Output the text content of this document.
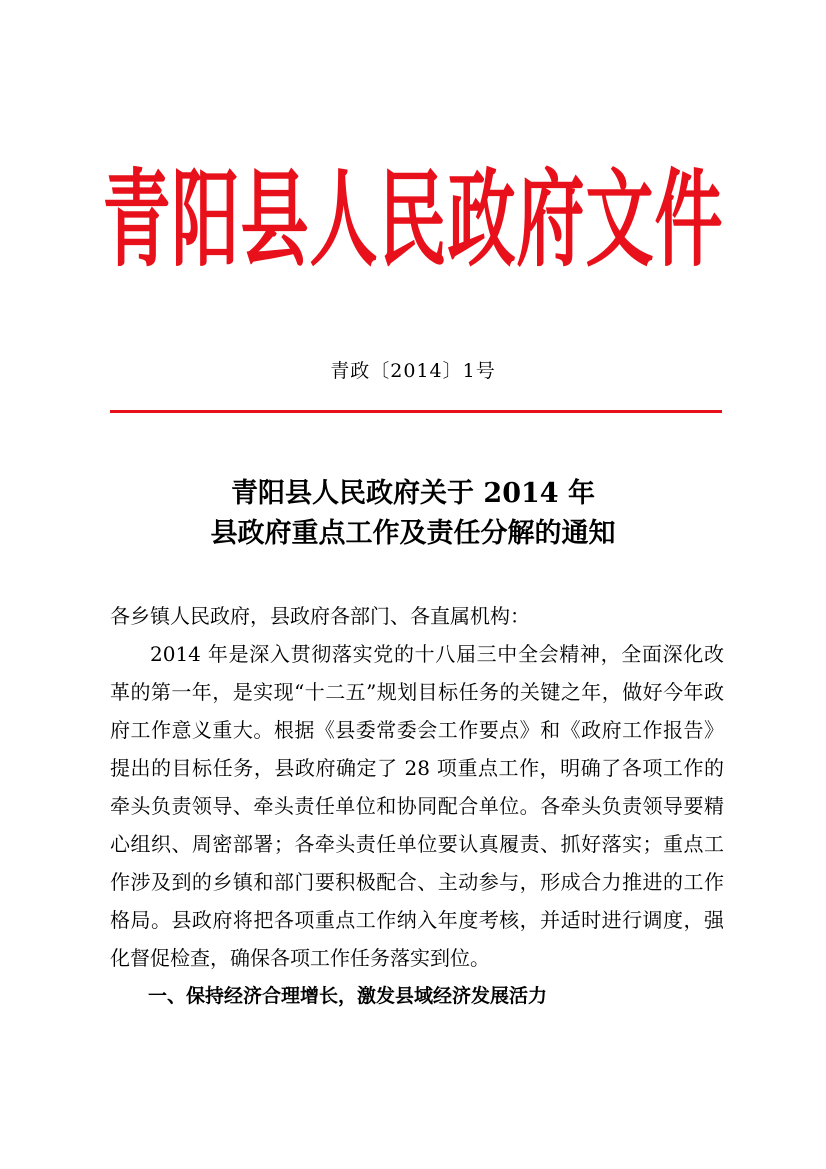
青阳县人民政府文件
青政〔2014〕1号
青阳县人民政府关于 2014 年
县政府重点工作及责任分解的通知

各乡镇人民政府，县政府各部门、各直属机构：

2014 年是深入贯彻落实党的十八届三中全会精神，全面深化改革的第一年，是实现“十二五”规划目标任务的关键之年，做好今年政府工作意义重大。根据《县委常委会工作要点》和《政府工作报告》提出的目标任务，县政府确定了 28 项重点工作，明确了各项工作的牵头负责领导、牵头责任单位和协同配合单位。各牵头负责领导要精心组织、周密部署；各牵头责任单位要认真履责、抓好落实；重点工作涉及到的乡镇和部门要积极配合、主动参与，形成合力推进的工作格局。县政府将把各项重点工作纳入年度考核，并适时进行调度，强化督促检查，确保各项工作任务落实到位。

一、保持经济合理增长，激发县域经济发展活力
